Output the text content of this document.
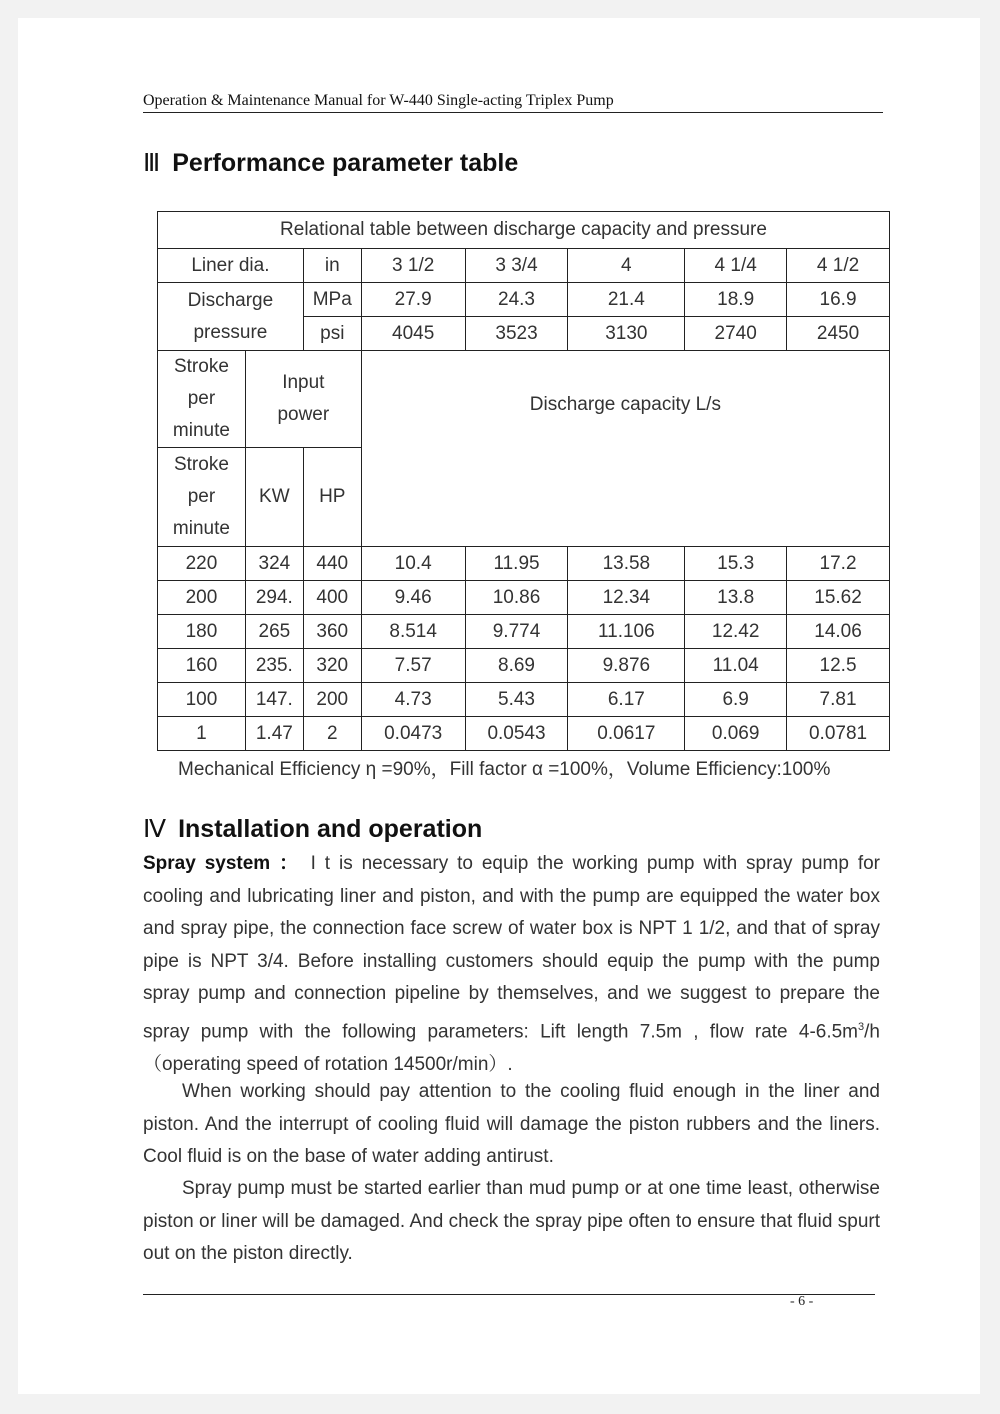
Operation & Maintenance Manual for W-440 Single-acting Triplex Pump
Ⅲ Performance parameter table
Relational table between discharge capacity and pressure							
Liner dia.		in	3 1/2	3 3/4	4	4 1/4	4 1/2
Discharge
pressure		MPa	27.9	24.3	21.4	18.9	16.9
		psi	4045	3523	3130	2740	2450
Stroke
per
minute	Input
power		Discharge capacity L/s				
Stroke
per
minute	KW	HP					
220	324	440	10.4	11.95	13.58	15.3	17.2
200	294.	400	9.46	10.86	12.34	13.8	15.62
180	265	360	8.514	9.774	11.106	12.42	14.06
160	235.	320	7.57	8.69	9.876	11.04	12.5
100	147.	200	4.73	5.43	6.17	6.9	7.81
1	1.47	2	0.0473	0.0543	0.0617	0.069	0.0781
Mechanical Efficiency η =90%，Fill factor α =100%，Volume Efficiency:100%
Ⅳ Installation and operation
Spray system ： I t is necessary to equip the working pump with spray pump for cooling and lubricating liner and piston, and with the pump are equipped the water box and spray pipe, the connection face screw of water box is NPT 1 1/2, and that of spray pipe is NPT 3/4. Before installing customers should equip the pump with the pump spray pump and connection pipeline by themselves, and we suggest to prepare the spray pump with the following parameters: Lift length 7.5m , flow rate $4-6.5m^3/h$ （operating speed of rotation 14500r/min）.
When working should pay attention to the cooling fluid enough in the liner and piston. And the interrupt of cooling fluid will damage the piston rubbers and the liners. Cool fluid is on the base of water adding antirust.
Spray pump must be started earlier than mud pump or at one time least, otherwise piston or liner will be damaged. And check the spray pipe often to ensure that fluid spurt out on the piston directly.
- 6 -
